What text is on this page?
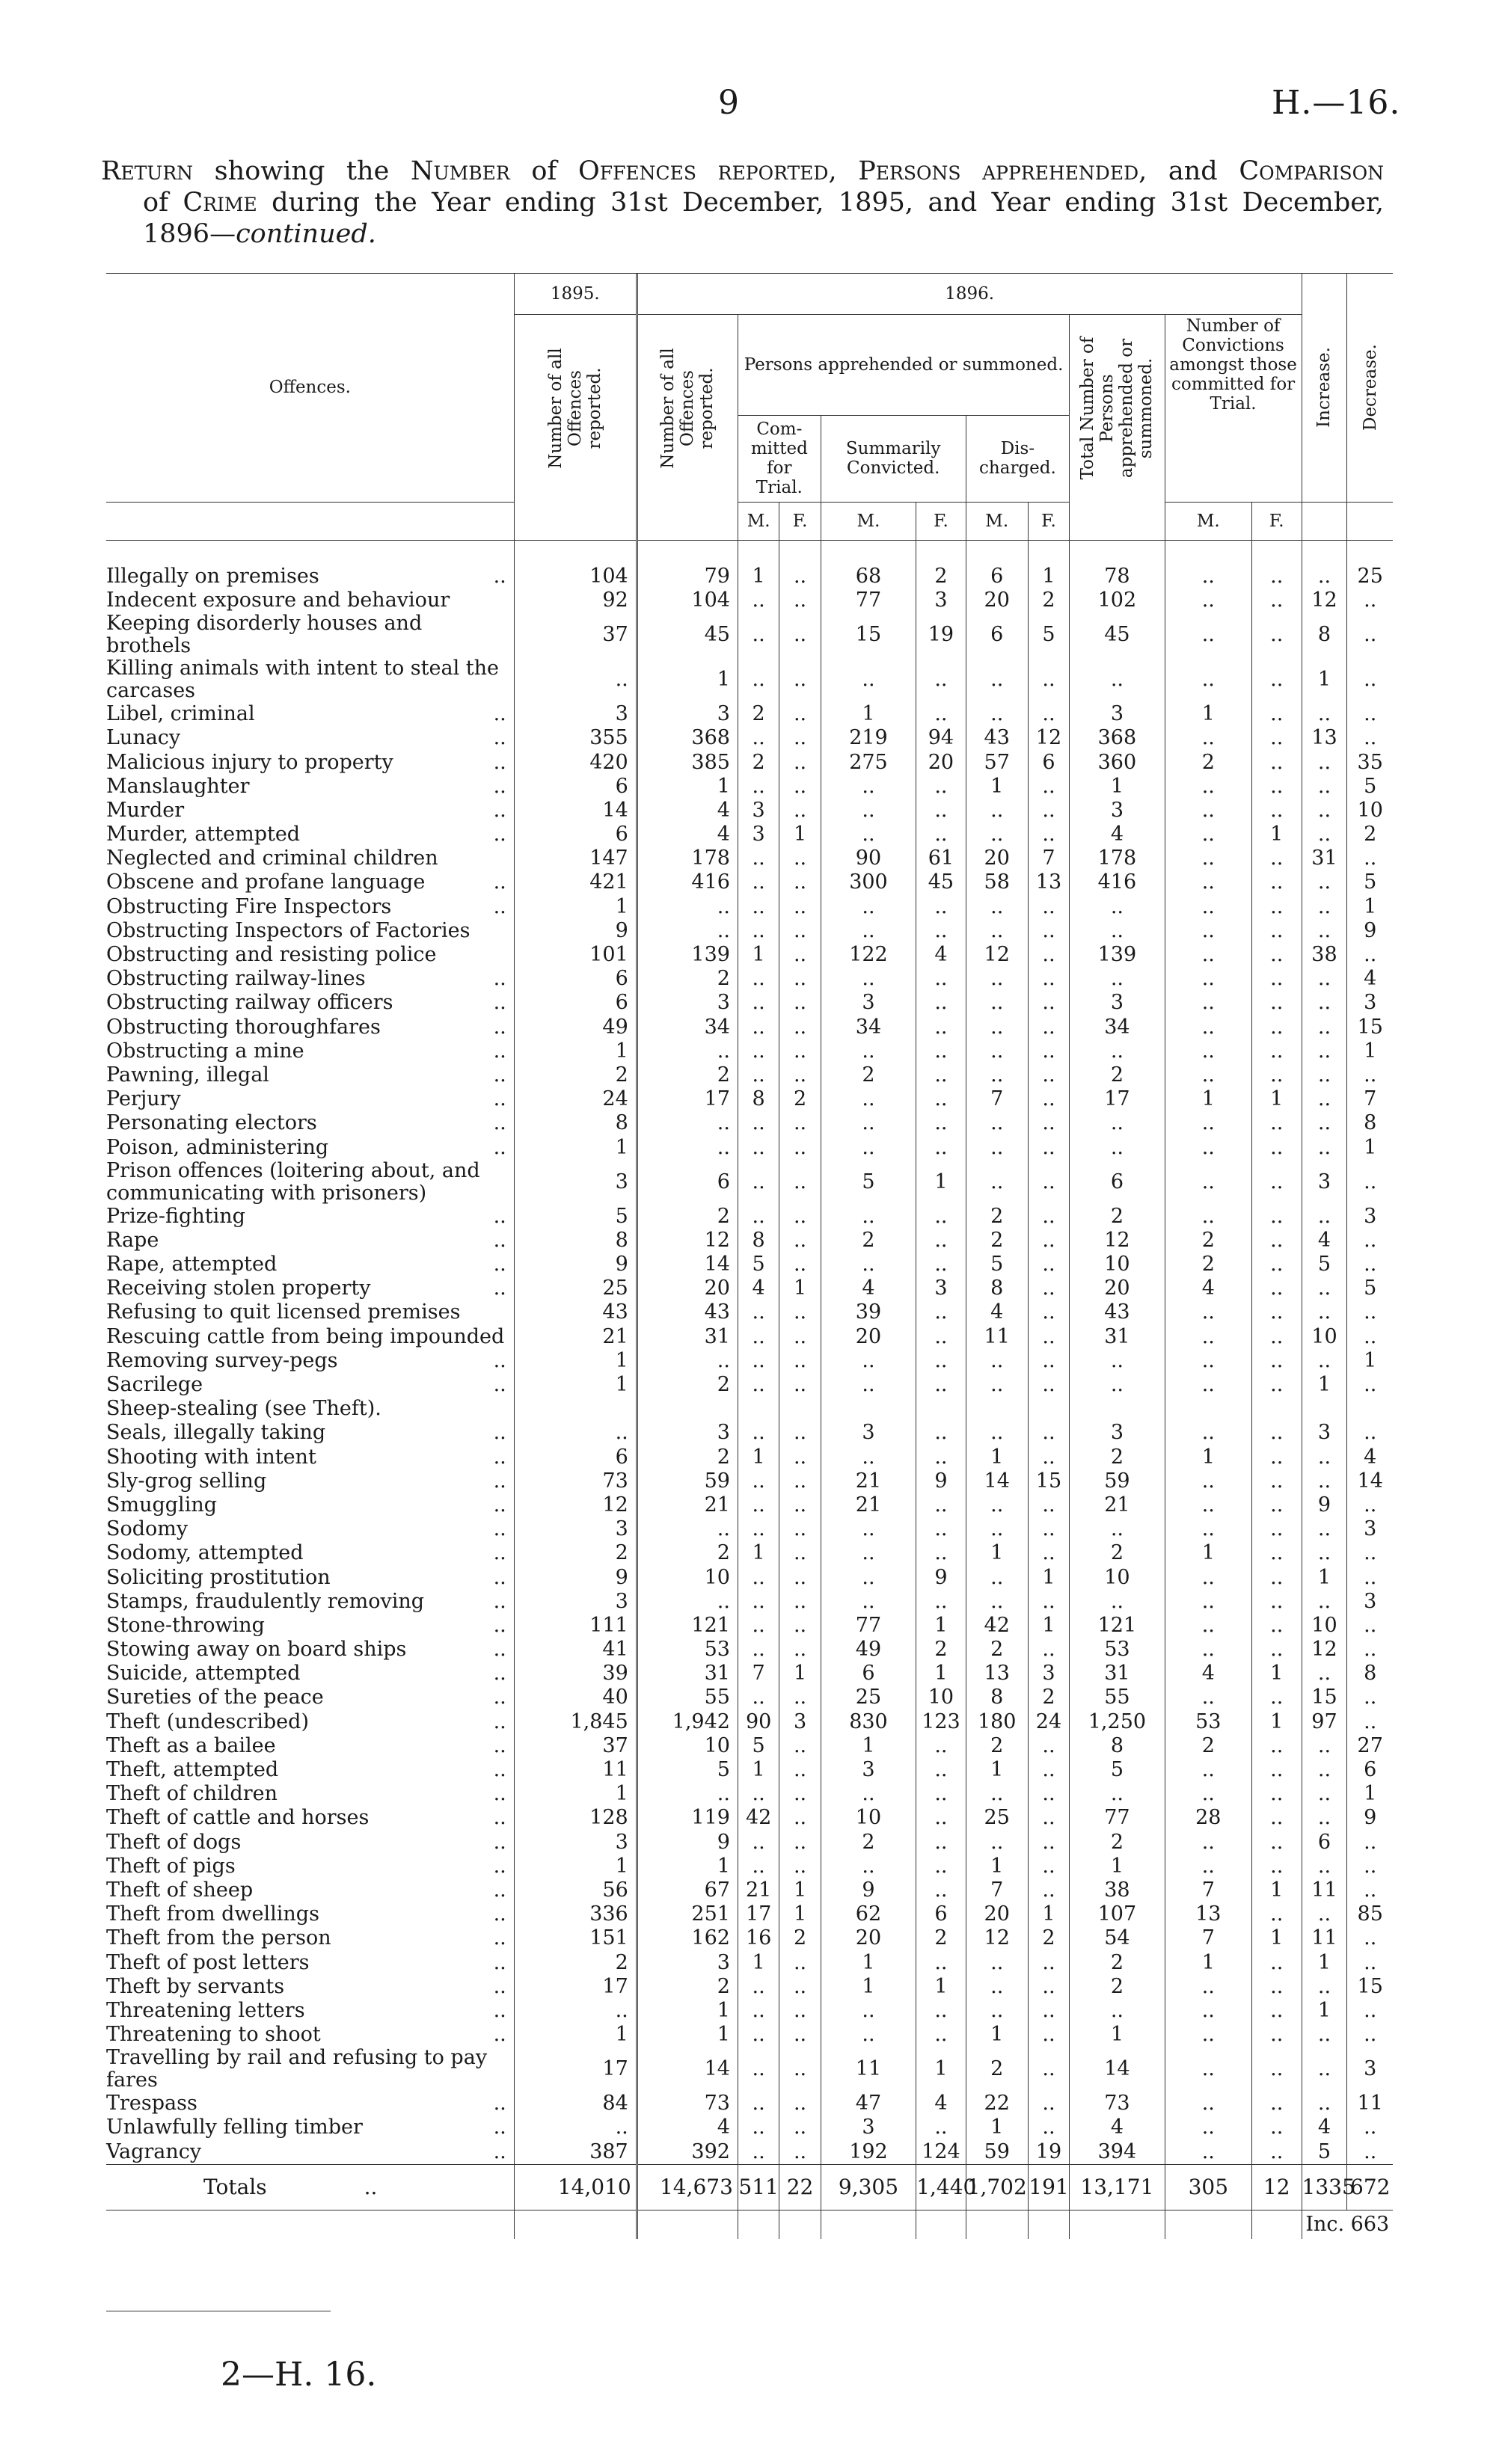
9	H.—16.
Return showing the Number of Offences reported, Persons apprehended, and Comparison
of Crime during the Year ending 31st December, 1895, and Year ending 31st December,
1896—continued.
Offences.	1895.	1896.										Increase.	Decrease.

	Number of all Offences reported.	Number of all Offences reported.	Persons apprehended or summoned.						Total Number of Persons apprehended or summoned.	Number of Convictions amongst those committed for Trial.			
			Com- mitted for Trial.		Summarily Convicted.		Dis- charged.						
			M.	F.	M.	F.	M.	F.		M.	F.		

Illegally on premises ..	104	79	1	..	68	2	6	1	78	..	..	..	25
Indecent exposure and behaviour	92	104	..	..	77	3	20	2	102	..	..	12	..
Keeping disorderly houses and brothels	37	45	..	..	15	19	6	5	45	..	..	8	..
Killing animals with intent to steal the carcases	..	1	..	..	..	..	..	..	..	..	..	1	..
Libel, criminal ..	3	3	2	..	1	..	..	..	3	1	..	..	..
Lunacy ..	355	368	..	..	219	94	43	12	368	..	..	13	..
Malicious injury to property ..	420	385	2	..	275	20	57	6	360	2	..	..	35
Manslaughter ..	6	1	..	..	..	..	1	..	1	..	..	..	5
Murder ..	14	4	3	..	..	..	..	..	3	..	..	..	10
Murder, attempted ..	6	4	3	1	..	..	..	..	4	..	1	..	2
Neglected and criminal children	147	178	..	..	90	61	20	7	178	..	..	31	..
Obscene and profane language ..	421	416	..	..	300	45	58	13	416	..	..	..	5
Obstructing Fire Inspectors ..	1	..	..	..	..	..	..	..	..	..	..	..	1
Obstructing Inspectors of Factories	9	..	..	..	..	..	..	..	..	..	..	..	9
Obstructing and resisting police	101	139	1	..	122	4	12	..	139	..	..	38	..
Obstructing railway-lines ..	6	2	..	..	..	..	..	..	..	..	..	..	4
Obstructing railway officers ..	6	3	..	..	3	..	..	..	3	..	..	..	3
Obstructing thoroughfares ..	49	34	..	..	34	..	..	..	34	..	..	..	15
Obstructing a mine ..	1	..	..	..	..	..	..	..	..	..	..	..	1
Pawning, illegal ..	2	2	..	..	2	..	..	..	2	..	..	..	..
Perjury ..	24	17	8	2	..	..	7	..	17	1	1	..	7
Personating electors ..	8	..	..	..	..	..	..	..	..	..	..	..	8
Poison, administering ..	1	..	..	..	..	..	..	..	..	..	..	..	1
Prison offences (loitering about, and communicating with prisoners)	3	6	..	..	5	1	..	..	6	..	..	3	..
Prize-fighting ..	5	2	..	..	..	..	2	..	2	..	..	..	3
Rape ..	8	12	8	..	2	..	2	..	12	2	..	4	..
Rape, attempted ..	9	14	5	..	..	..	5	..	10	2	..	5	..
Receiving stolen property ..	25	20	4	1	4	3	8	..	20	4	..	..	5
Refusing to quit licensed premises	43	43	..	..	39	..	4	..	43	..	..	..	..
Rescuing cattle from being impounded	21	31	..	..	20	..	11	..	31	..	..	10	..
Removing survey-pegs ..	1	..	..	..	..	..	..	..	..	..	..	..	1
Sacrilege ..	1	2	..	..	..	..	..	..	..	..	..	1	..
Sheep-stealing (see Theft).													
Seals, illegally taking ..	..	3	..	..	3	..	..	..	3	..	..	3	..
Shooting with intent ..	6	2	1	..	..	..	1	..	2	1	..	..	4
Sly-grog selling ..	73	59	..	..	21	9	14	15	59	..	..	..	14
Smuggling ..	12	21	..	..	21	..	..	..	21	..	..	9	..
Sodomy ..	3	..	..	..	..	..	..	..	..	..	..	..	3
Sodomy, attempted ..	2	2	1	..	..	..	1	..	2	1	..	..	..
Soliciting prostitution ..	9	10	..	..	..	9	..	1	10	..	..	1	..
Stamps, fraudulently removing ..	3	..	..	..	..	..	..	..	..	..	..	..	3
Stone-throwing ..	111	121	..	..	77	1	42	1	121	..	..	10	..
Stowing away on board ships ..	41	53	..	..	49	2	2	..	53	..	..	12	..
Suicide, attempted ..	39	31	7	1	6	1	13	3	31	4	1	..	8
Sureties of the peace ..	40	55	..	..	25	10	8	2	55	..	..	15	..
Theft (undescribed) ..	1,845	1,942	90	3	830	123	180	24	1,250	53	1	97	..
Theft as a bailee ..	37	10	5	..	1	..	2	..	8	2	..	..	27
Theft, attempted ..	11	5	1	..	3	..	1	..	5	..	..	..	6
Theft of children ..	1	..	..	..	..	..	..	..	..	..	..	..	1
Theft of cattle and horses ..	128	119	42	..	10	..	25	..	77	28	..	..	9
Theft of dogs ..	3	9	..	..	2	..	..	..	2	..	..	6	..
Theft of pigs ..	1	1	..	..	..	..	1	..	1	..	..	..	..
Theft of sheep ..	56	67	21	1	9	..	7	..	38	7	1	11	..
Theft from dwellings ..	336	251	17	1	62	6	20	1	107	13	..	..	85
Theft from the person ..	151	162	16	2	20	2	12	2	54	7	1	11	..
Theft of post letters ..	2	3	1	..	1	..	..	..	2	1	..	1	..
Theft by servants ..	17	2	..	..	1	1	..	..	2	..	..	..	15
Threatening letters ..	..	1	..	..	..	..	..	..	..	..	..	1	..
Threatening to shoot ..	1	1	..	..	..	..	1	..	1	..	..	..	..
Travelling by rail and refusing to pay fares	17	14	..	..	11	1	2	..	14	..	..	..	3
Trespass ..	84	73	..	..	47	4	22	..	73	..	..	..	11
Unlawfully felling timber ..	..	4	..	..	3	..	1	..	4	..	..	4	..
Vagrancy ..	387	392	..	..	192	124	59	19	394	..	..	5	..
Totals ..	14,010	14,673	511	22	9,305	1,440	1,702	191	13,171	305	12	1335	672
												Inc. 663	
2—H. 16.
